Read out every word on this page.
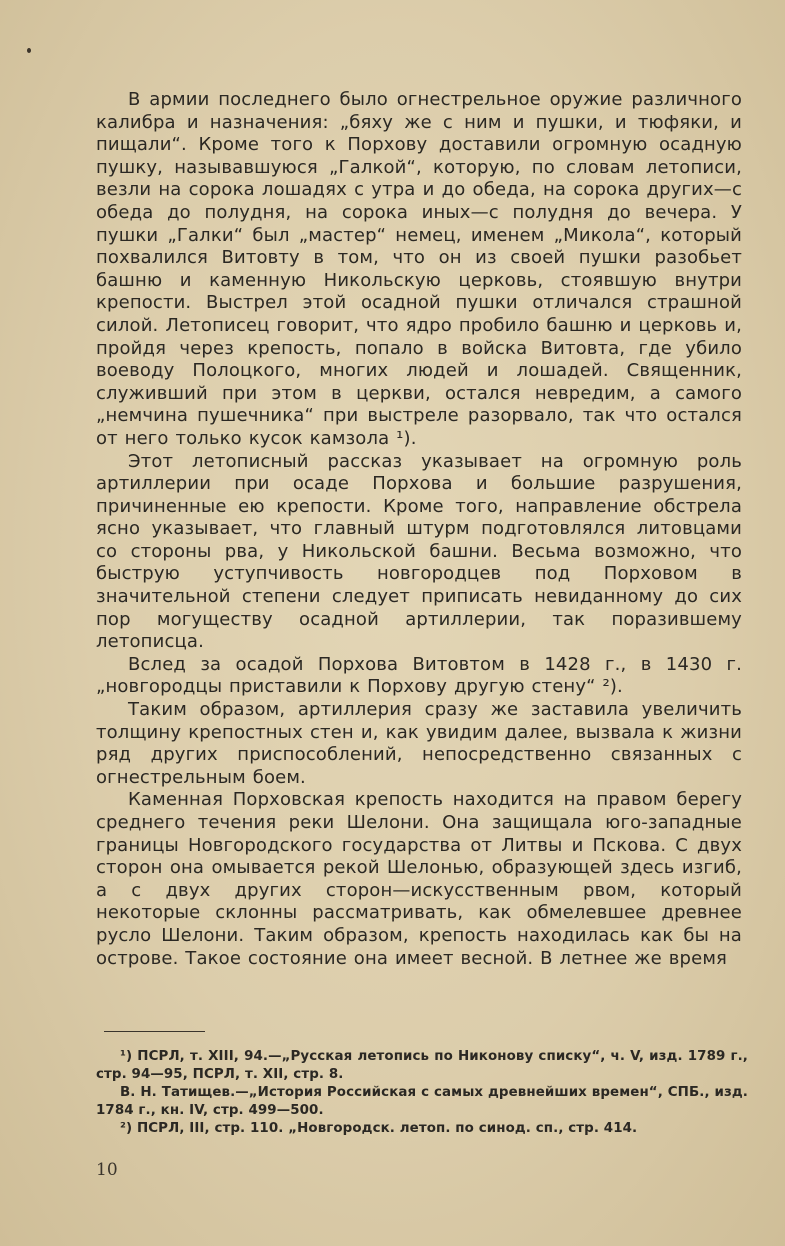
В армии последнего было огнестрельное оружие различного калибра и назначения: „бяху же с ним и пушки, и тюфяки, и пищали“. Кроме того к Порхову доставили огромную осадную пушку, называвшуюся „Галкой“, которую, по словам летописи, везли на сорока лошадях с утра и до обеда, на сорока других—с обеда до полудня, на сорока иных—с полудня до вечера. У пушки „Галки“ был „мастер“ немец, именем „Микола“, который похвалился Витовту в том, что он из своей пушки разобьет башню и каменную Никольскую церковь, стоявшую внутри крепости. Выстрел этой осадной пушки отличался страшной силой. Летописец говорит, что ядро пробило башню и церковь и, пройдя через крепость, попало в войска Витовта, где убило воеводу Полоцкого, многих людей и лошадей. Священник, служивший при этом в церкви, остался невредим, а самого „немчина пушечника“ при выстреле разорвало, так что остался от него только кусок камзола ¹).

Этот летописный рассказ указывает на огромную роль артиллерии при осаде Порхова и большие разрушения, причиненные ею крепости. Кроме того, направление обстрела ясно указывает, что главный штурм подготовлялся литовцами со стороны рва, у Никольской башни. Весьма возможно, что быструю уступчивость новгородцев под Порховом в значительной степени следует приписать невиданному до сих пор могуществу осадной артиллерии, так поразившему летописца.

Вслед за осадой Порхова Витовтом в 1428 г., в 1430 г. „новгородцы приставили к Порхову другую стену“ ²).

Таким образом, артиллерия сразу же заставила увеличить толщину крепостных стен и, как увидим далее, вызвала к жизни ряд других приспособлений, непосредственно связанных с огнестрельным боем.

Каменная Порховская крепость находится на правом берегу среднего течения реки Шелони. Она защищала юго-западные границы Новгородского государства от Литвы и Пскова. С двух сторон она омывается рекой Шелонью, образующей здесь изгиб, а с двух других сторон—искусственным рвом, который некоторые склонны рассматривать, как обмелевшее древнее русло Шелони. Таким образом, крепость находилась как бы на острове. Такое состояние она имеет весной. В летнее же время

¹) ПСРЛ, т. XIII, 94.—„Русская летопись по Никонову списку“, ч. V, изд. 1789 г., стр. 94—95, ПСРЛ, т. XII, стр. 8.

В. Н. Татищев.—„История Российская с самых древнейших времен“, СПБ., изд. 1784 г., кн. IV, стр. 499—500.

²) ПСРЛ, III, стр. 110. „Новгородск. летоп. по синод. сп., стр. 414.

10
